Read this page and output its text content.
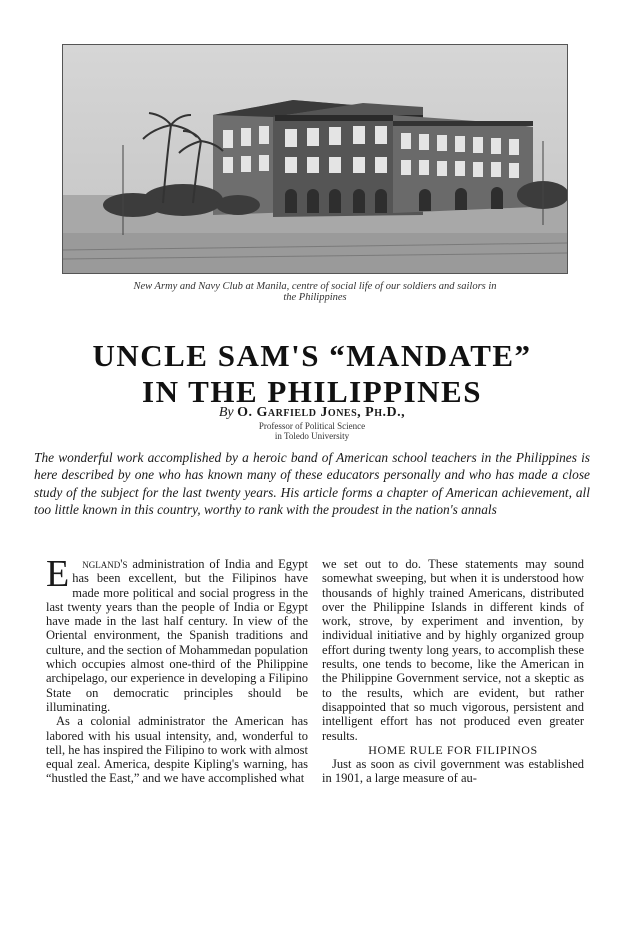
New Army and Navy Club at Manila, centre of social life of our soldiers and sailors in
the Philippines
UNCLE SAM'S “MANDATE”
IN THE PHILIPPINES
By O. Garfield Jones, Ph.D.,
Professor of Political Science
in Toledo University
The wonderful work accomplished by a heroic band of American school teachers in the Philippines is here described by one who has known many of these educators personally and who has made a close study of the subject for the last twenty years. His article forms a chapter of American achievement, all too little known in this country, worthy to rank with the proudest in the nation's annals

E ngland's administration of India and Egypt has been excellent, but the Filipinos have made more political and social progress in the last twenty years than the people of India or Egypt have made in the last half century. In view of the Oriental environment, the Spanish traditions and culture, and the section of Mohammedan population which occupies almost one-third of the Philippine archipelago, our experience in developing a Filipino State on democratic principles should be illuminating.

As a colonial administrator the American has labored with his usual intensity, and, wonderful to tell, he has inspired the Filipino to work with almost equal zeal. America, despite Kipling's warning, has “hustled the East,” and we have accomplished what

we set out to do. These statements may sound somewhat sweeping, but when it is understood how thousands of highly trained Americans, distributed over the Philippine Islands in different kinds of work, strove, by experiment and invention, by individual initiative and by highly organized group effort during twenty long years, to accomplish these results, one tends to become, like the American in the Philippine Government service, not a skeptic as to the results, which are evident, but rather disappointed that so much vigorous, persistent and intelligent effort has not produced even greater results.

HOME RULE FOR FILIPINOS

Just as soon as civil government was established in 1901, a large measure of au-
